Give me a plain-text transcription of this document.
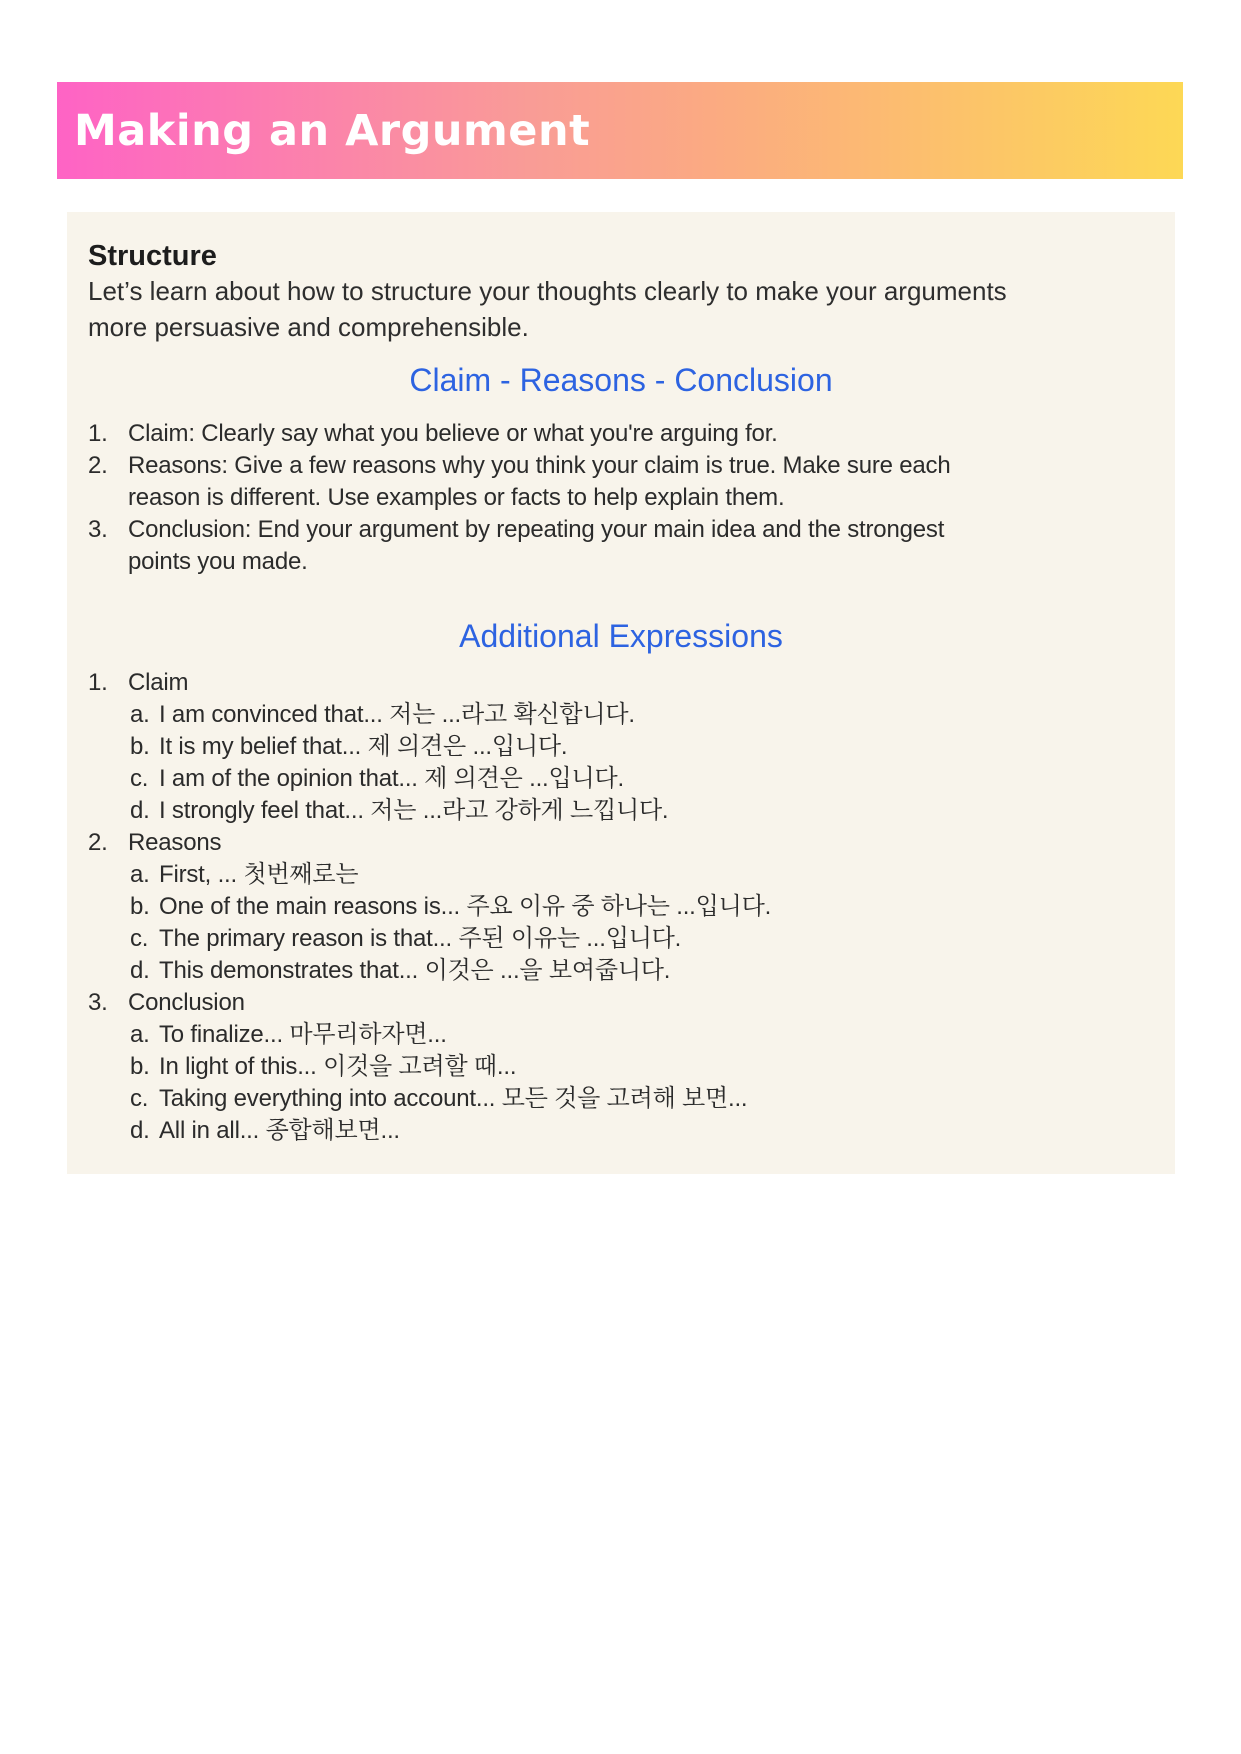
Making an Argument
Structure
Let’s learn about how to structure your thoughts clearly to make your arguments
more persuasive and comprehensible.
Claim - Reasons - Conclusion
1. Claim: Clearly say what you believe or what you're arguing for.
2. Reasons: Give a few reasons why you think your claim is true. Make sure each
reason is different. Use examples or facts to help explain them.
3. Conclusion: End your argument by repeating your main idea and the strongest
points you made.
Additional Expressions
1. Claim
a. I am convinced that... 저는 ...라고 확신합니다.
b. It is my belief that... 제 의견은 ...입니다.
c. I am of the opinion that... 제 의견은 ...입니다.
d. I strongly feel that... 저는 ...라고 강하게 느낍니다.
2. Reasons
a. First, ... 첫번째로는
b. One of the main reasons is... 주요 이유 중 하나는 ...입니다.
c. The primary reason is that... 주된 이유는 ...입니다.
d. This demonstrates that... 이것은 ...을 보여줍니다.
3. Conclusion
a. To finalize... 마무리하자면...
b. In light of this... 이것을 고려할 때...
c. Taking everything into account... 모든 것을 고려해 보면...
d. All in all... 종합해보면...
